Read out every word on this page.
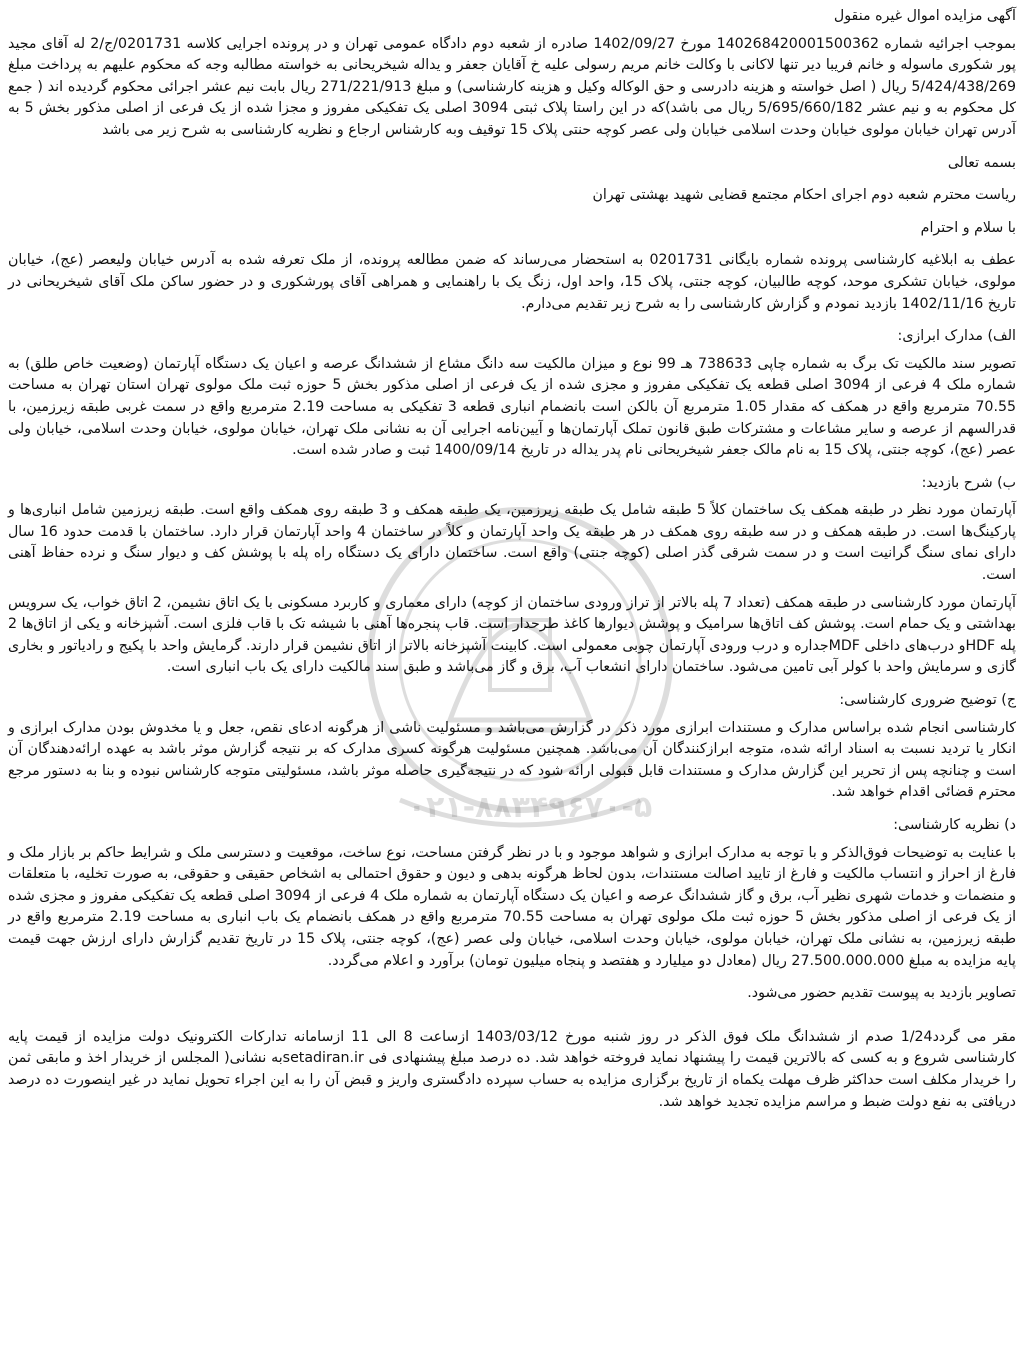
۰۲۱-۸۸۳۴۹۶۷۰-۵

آگهی مزایده اموال غیره منقول

بموجب اجرائیه شماره 140268420001500362 مورخ 1402/09/27 صادره از شعبه دوم دادگاه عمومی تهران و در پرونده اجرایی کلاسه 0201731/ج/2 له آقای مجید پور شکوری ماسوله و خانم فریبا دیر تنها لاکانی با وکالت خانم مریم رسولی علیه خ آقایان جعفر و یداله شیخریحانی به خواسته مطالبه وجه که محکوم علیهم به پرداخت مبلغ 5/424/438/269 ریال ( اصل خواسته و هزینه دادرسی و حق الوکاله وکیل و هزینه کارشناسی) و مبلغ 271/221/913 ریال بابت نیم عشر اجرائی محکوم گردیده اند ( جمع کل محکوم به و نیم عشر 5/695/660/182 ریال می باشد)که در این راستا پلاک ثبتی 3094 اصلی یک تفکیکی مفروز و مجزا شده از یک فرعی از اصلی مذکور بخش 5 به آدرس تهران خیابان مولوی خیابان وحدت اسلامی خیابان ولی عصر کوچه حنتی پلاک 15 توقیف وبه کارشناس ارجاع و نظریه کارشناسی به شرح زیر می باشد

بسمه تعالی

ریاست محترم شعبه دوم اجرای احکام مجتمع قضایی شهید بهشتی تهران

با سلام و احترام

عطف به ابلاغیه کارشناسی پرونده شماره بایگانی 0201731 به استحضار می‌رساند که ضمن مطالعه پرونده، از ملک تعرفه شده به آدرس خیابان ولیعصر (عج)، خیابان مولوی، خیابان تشکری موحد، کوچه طالبیان، کوچه جنتی، پلاک 15، واحد اول، زنگ یک با راهنمایی و همراهی آقای پورشکوری و در حضور ساکن ملک آقای شیخریحانی در تاریخ 1402/11/16 بازدید نمودم و گزارش کارشناسی را به شرح زیر تقدیم می‌دارم.

الف) مدارک ابرازی:

تصویر سند مالکیت تک برگ به شماره چاپی 738633 هـ 99 نوع و میزان مالکیت سه دانگ مشاع از ششدانگ عرصه و اعیان یک دستگاه آپارتمان (وضعیت خاص طلق) به شماره ملک 4 فرعی از 3094 اصلی قطعه یک تفکیکی مفروز و مجزی شده از یک فرعی از اصلی مذکور بخش 5 حوزه ثبت ملک مولوی تهران استان تهران به مساحت 70.55 مترمربع واقع در همکف که مقدار 1.05 مترمربع آن بالکن است بانضمام انباری قطعه 3 تفکیکی به مساحت 2.19 مترمربع واقع در سمت غربی طبقه زیرزمین، با قدرالسهم از عرصه و سایر مشاعات و مشترکات طبق قانون تملک آپارتمان‌ها و آیین‌نامه اجرایی آن به نشانی ملک تهران، خیابان مولوی، خیابان وحدت اسلامی، خیابان ولی عصر (عج)، کوچه جنتی، پلاک 15 به نام مالک جعفر شیخریحانی نام پدر یداله در تاریخ 1400/09/14 ثبت و صادر شده است.

ب) شرح بازدید:

آپارتمان مورد نظر در طبقه همکف یک ساختمان کلاً 5 طبقه شامل یک طبقه زیرزمین، یک طبقه همکف و 3 طبقه روی همکف واقع است. طبقه زیرزمین شامل انباری‌ها و پارکینگ‌ها است. در طبقه همکف و در سه طبقه روی همکف در هر طبقه یک واحد آپارتمان و کلاً در ساختمان 4 واحد آپارتمان قرار دارد. ساختمان با قدمت حدود 16 سال دارای نمای سنگ گرانیت است و در سمت شرقی گذر اصلی (کوچه جنتی) واقع است. ساختمان دارای یک دستگاه راه پله با پوشش کف و دیوار سنگ و نرده حفاظ آهنی است.

آپارتمان مورد کارشناسی در طبقه همکف (تعداد 7 پله بالاتر از تراز ورودی ساختمان از کوچه) دارای معماری و کاربرد مسکونی با یک اتاق نشیمن، 2 اتاق خواب، یک سرویس بهداشتی و یک حمام است. پوشش کف اتاق‌ها سرامیک و پوشش دیوارها کاغذ طرحدار است. قاب پنجره‌ها آهنی با شیشه تک با قاب فلزی است. آشپزخانه و یکی از اتاق‌ها 2 پله HDFو درب‌های داخلی MDFجداره و درب ورودی آپارتمان چوبی معمولی است. کابینت آشپزخانه بالاتر از اتاق نشیمن قرار دارند. گرمایش واحد با پکیج و رادیاتور و بخاری گازی و سرمایش واحد با کولر آبی تامین می‌شود. ساختمان دارای انشعاب آب، برق و گاز می‌باشد و طبق سند مالکیت دارای یک باب انباری است.

ج) توضیح ضروری کارشناسی:

کارشناسی انجام شده براساس مدارک و مستندات ابرازی مورد ذکر در گزارش می‌باشد و مسئولیت ناشی از هرگونه ادعای نقص، جعل و یا مخدوش بودن مدارک ابرازی و انکار یا تردید نسبت به اسناد ارائه شده، متوجه ابرازکنندگان آن می‌باشد. همچنین مسئولیت هرگونه کسری مدارک که بر نتیجه گزارش موثر باشد به عهده ارائه‌دهندگان آن است و چنانچه پس از تحریر این گزارش مدارک و مستندات قابل قبولی ارائه شود که در نتیجه‌گیری حاصله موثر باشد، مسئولیتی متوجه کارشناس نبوده و بنا به دستور مرجع محترم قضائی اقدام خواهد شد.

د) نظریه کارشناسی:

با عنایت به توضیحات فوق‌الذکر و با توجه به مدارک ابرازی و شواهد موجود و با در نظر گرفتن مساحت، نوع ساخت، موقعیت و دسترسی ملک و شرایط حاکم بر بازار ملک و فارغ از احراز و انتساب مالکیت و فارغ از تایید اصالت مستندات، بدون لحاظ هرگونه بدهی و دیون و حقوق احتمالی به اشخاص حقیقی و حقوقی، به صورت تخلیه، با متعلقات و منضمات و خدمات شهری نظیر آب، برق و گاز ششدانگ عرصه و اعیان یک دستگاه آپارتمان به شماره ملک 4 فرعی از 3094 اصلی قطعه یک تفکیکی مفروز و مجزی شده از یک فرعی از اصلی مذکور بخش 5 حوزه ثبت ملک مولوی تهران به مساحت 70.55 مترمربع واقع در همکف بانضمام یک باب انباری به مساحت 2.19 مترمربع واقع در طبقه زیرزمین، به نشانی ملک تهران، خیابان مولوی، خیابان وحدت اسلامی، خیابان ولی عصر (عج)، کوچه جنتی، پلاک 15 در تاریخ تقدیم گزارش دارای ارزش جهت قیمت پایه مزایده به مبلغ 27.500.000.000 ریال (معادل دو میلیارد و هفتصد و پنجاه میلیون تومان) برآورد و اعلام می‌گردد.

تصاویر بازدید به پیوست تقدیم حضور می‌شود.

مقر می گردد1/24 صدم از ششدانگ ملک فوق الذکر در روز شنبه مورخ 1403/03/12 ازساعت 8 الی 11 ازسامانه تدارکات الکترونیک دولت مزایده از قیمت پایه کارشناسی شروع و به کسی که بالاترین قیمت را پیشنهاد نماید فروخته خواهد شد. ده درصد مبلغ پیشنهادی فی setadiran.irبه نشانی( المجلس از خریدار اخذ و مابقی ثمن را خریدار مکلف است حداکثر ظرف مهلت یکماه از تاریخ برگزاری مزایده به حساب سپرده دادگستری واریز و قبض آن را به این اجراء تحویل نماید در غیر اینصورت ده درصد دریافتی به نفع دولت ضبط و مراسم مزایده تجدید خواهد شد.
